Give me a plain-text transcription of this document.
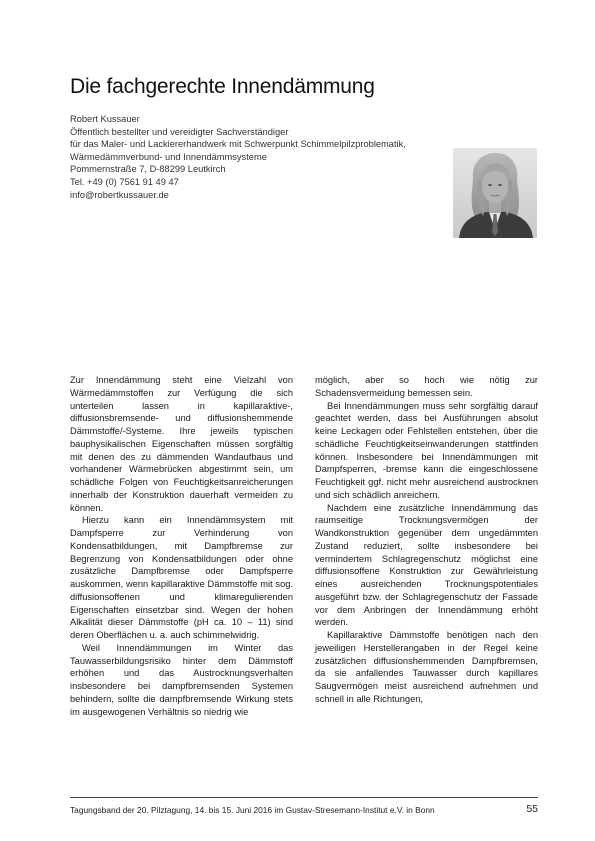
Die fachgerechte Innendämmung
Robert Kussauer
Öffentlich bestellter und vereidigter Sachverständiger
für das Maler- und Lackiererhandwerk mit Schwerpunkt Schimmelpilzproblematik,
Wärmedämmverbund- und Innendämmsysteme
Pommernstraße 7, D-88299 Leutkirch
Tel. +49 (0) 7561 91 49 47
info@robertkussauer.de

Zur Innendämmung steht eine Vielzahl von Wärmedämmstoffen zur Verfügung die sich unterteilen lassen in kapillaraktive-, diffusionsbremsende- und diffusionshemmende Dämmstoffe/-Systeme. Ihre jeweils typischen bauphysikalischen Eigenschaften müssen sorgfältig mit denen des zu dämmenden Wandaufbaus und vorhandener Wärmebrücken abgestimmt sein, um schädliche Folgen von Feuchtigkeitsanreicherungen innerhalb der Konstruktion dauerhaft vermeiden zu können.

Hierzu kann ein Innendämmsystem mit Dampfsperre zur Verhinderung von Kondensatbildungen, mit Dampfbremse zur Begrenzung von Kondensatbildungen oder ohne zusätzliche Dampfbremse oder Dampfsperre auskommen, wenn kapillaraktive Dämmstoffe mit sog. diffusionsoffenen und klimaregulierenden Eigenschaften einsetzbar sind. Wegen der hohen Alkalität dieser Dämmstoffe (pH ca. 10 – 11) sind deren Oberflächen u. a. auch schimmelwidrig.

Weil Innendämmungen im Winter das Tauwasserbildungsrisiko hinter dem Dämmstoff erhöhen und das Austrocknungsverhalten insbesondere bei dampfbremsenden Systemen behindern, sollte die dampfbremsende Wirkung stets im ausgewogenen Verhältnis so niedrig wie

möglich, aber so hoch wie nötig zur Schadensvermeidung bemessen sein.

Bei Innendämmungen muss sehr sorgfältig darauf geachtet werden, dass bei Ausführungen absolut keine Leckagen oder Fehlstellen entstehen, über die schädliche Feuchtigkeitseinwanderungen stattfinden können. Insbesondere bei Innendämmungen mit Dampfsperren, -bremse kann die eingeschlossene Feuchtigkeit ggf. nicht mehr ausreichend austrocknen und sich schädlich anreichern.

Nachdem eine zusätzliche Innendämmung das raumseitige Trocknungsvermögen der Wandkonstruktion gegenüber dem ungedämmten Zustand reduziert, sollte insbesondere bei vermindertem Schlagregenschutz möglichst eine diffusionsoffene Konstruktion zur Gewährleistung eines ausreichenden Trocknungspotentiales ausgeführt bzw. der Schlagregenschutz der Fassade vor dem Anbringen der Innendämmung erhöht werden.

Kapillaraktive Dämmstoffe benötigen nach den jeweiligen Herstellerangaben in der Regel keine zusätzlichen diffusionshemmenden Dampfbremsen, da sie anfallendes Tauwasser durch kapillares Saugvermögen meist ausreichend aufnehmen und schnell in alle Richtungen,

Tagungsband der 20. Pilztagung, 14. bis 15. Juni 2016 im Gustav-Stresemann-Institut e.V. in Bonn	55
